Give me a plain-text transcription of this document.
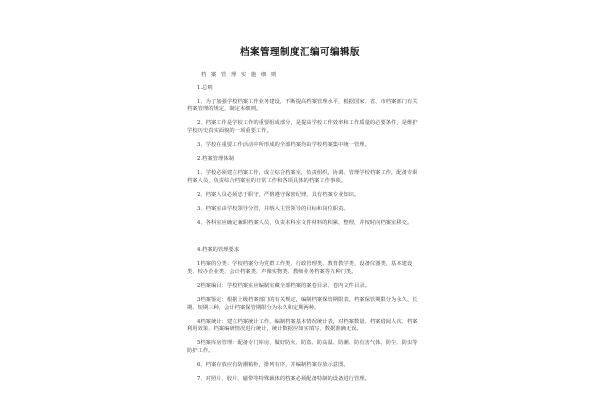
档案管理制度汇编可编辑版
档 案 管 理 实 施 细 则
1.总则
1、为了加强学校档案工作业务建设，不断提高档案管理水平，根据国家、省、市档案部门有关档案管理的规定，制定本细则。
2、档案工作是学校工作的重要组成部分，是提高学校工作效率和工作质量的必要条件，是维护学校历史真实面貌的一项重要工作。
3、学校在重要工作活动中所形成的全部档案均由学校档案集中统一管理。
2.档案管理体制
1、学校必须建立档案工作，成立综合档案室，负责组织、协调、管理学校档案工作，配备专职档案人员，负责综合档案室的日常工作和各项具体的档案工作事项。
2、档案人员必须忠于职守，严格遵守保密纪律，具有档案专业知识。
3、档案室由学校领导分管，并纳入主管领导的目标和岗位职责。
4、各科室应确定兼职档案人员，负责本科室文件材料的积累、整理，并按时向档案室移交。
4.档案的管理要求
1档案的分类：学校档案分为党群工作类、行政管理类、教育教学类、设备仪器类、基本建设类、校办企业类、会计档案类、声像实物类、教师业务档案等九种门类。
2档案编目：学校档案室应编制室藏全部档案的案卷目录、卷内文件目录。
3档案鉴定：根据上级档案部门的有关规定，编制档案保管期限表，档案保管期限分为永久、长期、短期三种，会计档案保管期限分为永久和定期两种。
4档案统计：建立档案统计工作，编制档案基本情况统计表，对档案数量、档案借阅人次、档案利用效果、档案编研情况进行统计，统计数据应如实填写，数据准确无误。
5档案库房管理：配备专门库房，做好防火、防盗、防高温、防潮、防有害气体、防尘、防虫等防护工作。
6、档案存放应有防潮箱柜，排列有序，并编制档案存放示意图。
7、对照片、胶片、磁带等特殊载体的档案必须配备特制的设备进行管理。
